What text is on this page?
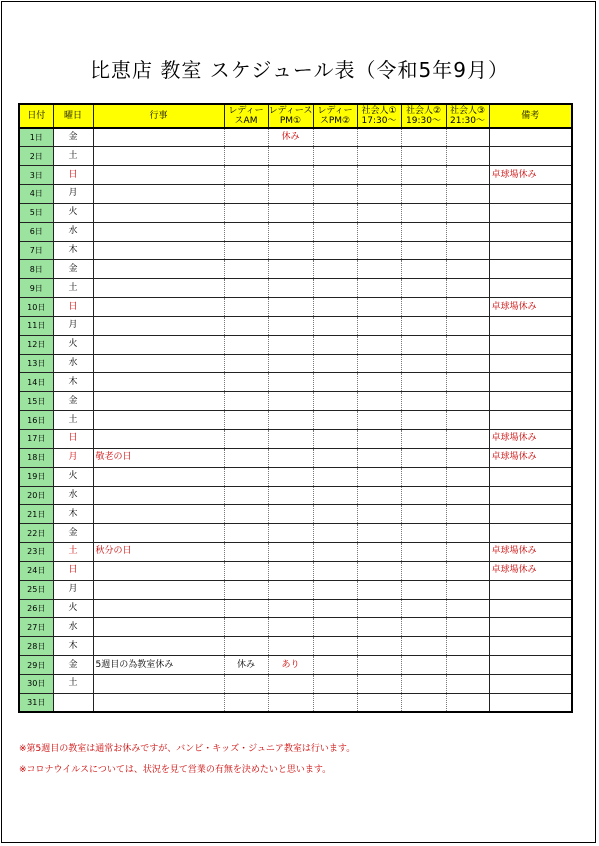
比恵店 教室 スケジュール表（令和5年9月）
日付	曜日	行事	レディースAM	レディースPM①	レディースPM②	社会人① 17:30～	社会人② 19:30～	社会人③ 21:30～	備考
1日	金			休み					
2日	土								
3日	日								卓球場休み
4日	月								
5日	火								
6日	水								
7日	木								
8日	金								
9日	土								
10日	日								卓球場休み
11日	月								
12日	火								
13日	水								
14日	木								
15日	金								
16日	土								
17日	日								卓球場休み
18日	月	敬老の日							卓球場休み
19日	火								
20日	水								
21日	木								
22日	金								
23日	土	秋分の日							卓球場休み
24日	日								卓球場休み
25日	月								
26日	火								
27日	水								
28日	木								
29日	金	5週目の為教室休み	休み	あり					
30日	土								
31日									
※第5週目の教室は通常お休みですが、バンビ・キッズ・ジュニア教室は行います。
※コロナウイルスについては、状況を見て営業の有無を決めたいと思います。
